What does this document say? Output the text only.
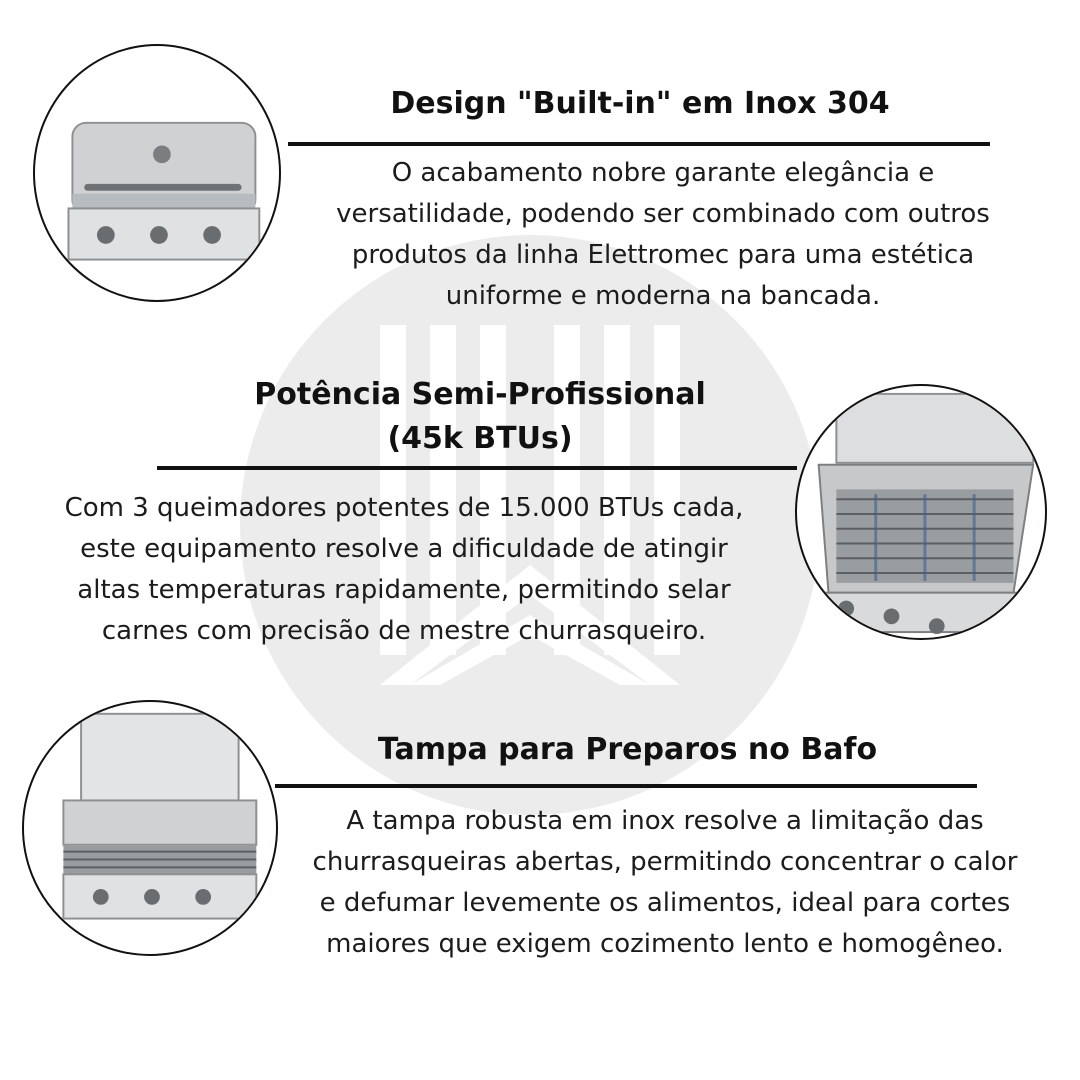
Design "Built-in" em Inox 304
O acabamento nobre garante elegância e
versatilidade, podendo ser combinado com outros
produtos da linha Elettromec para uma estética
uniforme e moderna na bancada.
Potência Semi-Profissional
(45k BTUs)
Com 3 queimadores potentes de 15.000 BTUs cada,
este equipamento resolve a dificuldade de atingir
altas temperaturas rapidamente, permitindo selar
carnes com precisão de mestre churrasqueiro.
Tampa para Preparos no Bafo
A tampa robusta em inox resolve a limitação das
churrasqueiras abertas, permitindo concentrar o calor
e defumar levemente os alimentos, ideal para cortes
maiores que exigem cozimento lento e homogêneo.
